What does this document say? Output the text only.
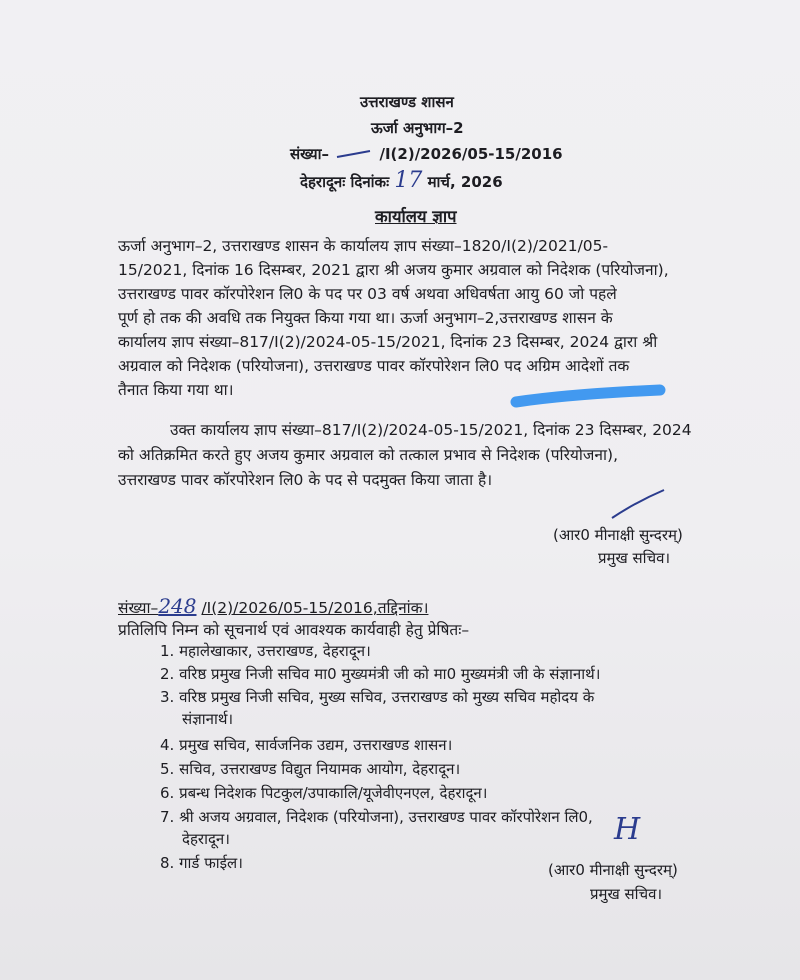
उत्तराखण्ड शासन
ऊर्जा अनुभाग–2
संख्या–	/I(2)/2026/05-15/2016
देहरादूनः दिनांकः 17 मार्च, 2026
कार्यालय ज्ञाप
ऊर्जा अनुभाग–2, उत्तराखण्ड शासन के कार्यालय ज्ञाप संख्या–1820/I(2)/2021/05-
15/2021, दिनांक 16 दिसम्बर, 2021 द्वारा श्री अजय कुमार अग्रवाल को निदेशक (परियोजना),
उत्तराखण्ड पावर कॉरपोरेशन लि0 के पद पर 03 वर्ष अथवा अधिवर्षता आयु 60 जो पहले
पूर्ण हो तक की अवधि तक नियुक्त किया गया था। ऊर्जा अनुभाग–2,उत्तराखण्ड शासन के
कार्यालय ज्ञाप संख्या–817/I(2)/2024-05-15/2021, दिनांक 23 दिसम्बर, 2024 द्वारा श्री
अग्रवाल को निदेशक (परियोजना), उत्तराखण्ड पावर कॉरपोरेशन लि0 पद अग्रिम आदेशों तक
तैनात किया गया था।
उक्त कार्यालय ज्ञाप संख्या–817/I(2)/2024-05-15/2021, दिनांक 23 दिसम्बर, 2024
को अतिक्रमित करते हुए अजय कुमार अग्रवाल को तत्काल प्रभाव से निदेशक (परियोजना),
उत्तराखण्ड पावर कॉरपोरेशन लि0 के पद से पदमुक्त किया जाता है।
(आर0 मीनाक्षी सुन्दरम्)
प्रमुख सचिव।
संख्या–248 /I(2)/2026/05-15/2016,तद्दिनांक।
प्रतिलिपि निम्न को सूचनार्थ एवं आवश्यक कार्यवाही हेतु प्रेषितः–
1. महालेखाकार, उत्तराखण्ड, देहरादून।
2. वरिष्ठ प्रमुख निजी सचिव मा0 मुख्यमंत्री जी को मा0 मुख्यमंत्री जी के संज्ञानार्थ।
3. वरिष्ठ प्रमुख निजी सचिव, मुख्य सचिव, उत्तराखण्ड को मुख्य सचिव महोदय के
संज्ञानार्थ।
4. प्रमुख सचिव, सार्वजनिक उद्यम, उत्तराखण्ड शासन।
5. सचिव, उत्तराखण्ड विद्युत नियामक आयोग, देहरादून।
6. प्रबन्ध निदेशक पिटकुल/उपाकालि/यूजेवीएनएल, देहरादून।
7. श्री अजय अग्रवाल, निदेशक (परियोजना), उत्तराखण्ड पावर कॉरपोरेशन लि0,
देहरादून।
8. गार्ड फाईल।
H
(आर0 मीनाक्षी सुन्दरम्)
प्रमुख सचिव।
